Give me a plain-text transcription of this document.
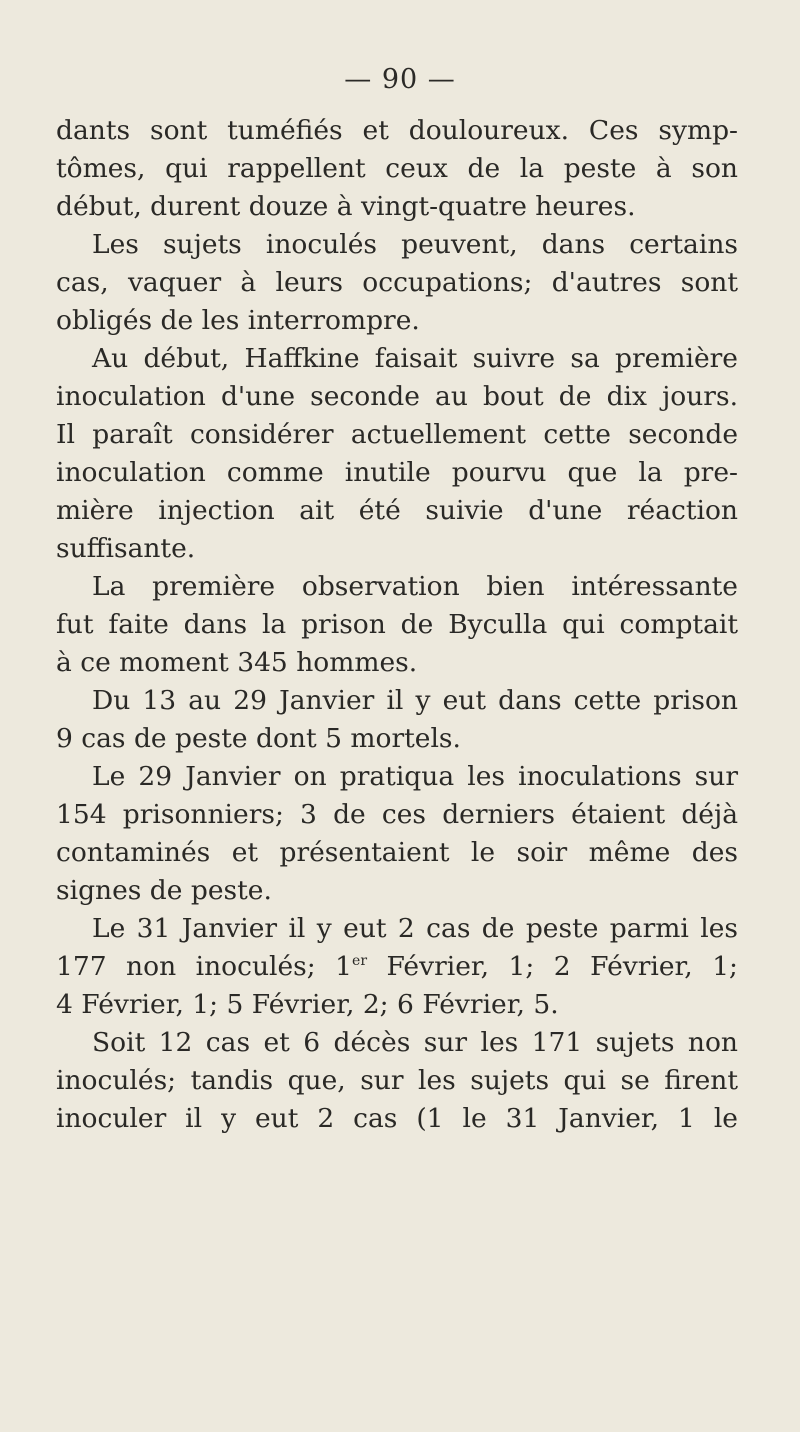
— 90 —
dants sont tuméfiés et douloureux. Ces symp-
tômes, qui rappellent ceux de la peste à son
début, durent douze à vingt-quatre heures.
Les sujets inoculés peuvent, dans certains
cas, vaquer à leurs occupations; d'autres sont
obligés de les interrompre.
Au début, Haffkine faisait suivre sa première
inoculation d'une seconde au bout de dix jours.
Il paraît considérer actuellement cette seconde
inoculation comme inutile pourvu que la pre-
mière injection ait été suivie d'une réaction
suffisante.
La première observation bien intéressante
fut faite dans la prison de Byculla qui comptait
à ce moment 345 hommes.
Du 13 au 29 Janvier il y eut dans cette prison
9 cas de peste dont 5 mortels.
Le 29 Janvier on pratiqua les inoculations sur
154 prisonniers; 3 de ces derniers étaient déjà
contaminés et présentaient le soir même des
signes de peste.
Le 31 Janvier il y eut 2 cas de peste parmi les
177 non inoculés; 1er Février, 1; 2 Février, 1;
4 Février, 1; 5 Février, 2; 6 Février, 5.
Soit 12 cas et 6 décès sur les 171 sujets non
inoculés; tandis que, sur les sujets qui se firent
inoculer il y eut 2 cas (1 le 31 Janvier, 1 le
